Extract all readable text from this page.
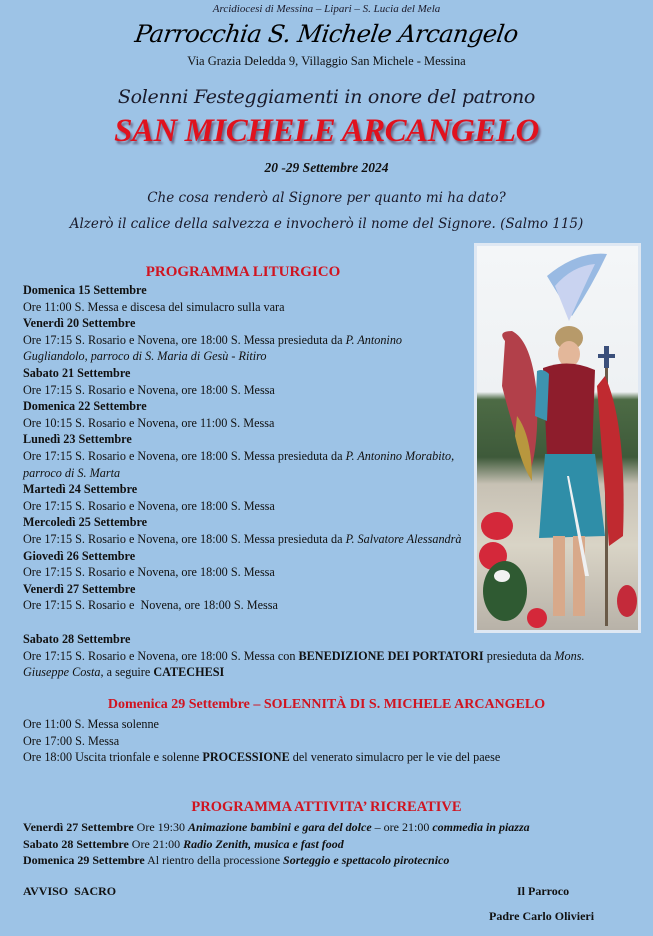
Arcidiocesi di Messina – Lipari – S. Lucia del Mela
Parrocchia S. Michele Arcangelo
Via Grazia Deledda 9, Villaggio San Michele - Messina
Solenni Festeggiamenti in onore del patrono
SAN MICHELE ARCANGELO
20 -29 Settembre 2024
Che cosa renderò al Signore per quanto mi ha dato?
Alzerò il calice della salvezza e invocherò il nome del Signore. (Salmo 115)
PROGRAMMA LITURGICO
Domenica 15 Settembre
Ore 11:00 S. Messa e discesa del simulacro sulla vara
Venerdì 20 Settembre
Ore 17:15 S. Rosario e Novena, ore 18:00 S. Messa presieduta da P. Antonino Gugliandolo, parroco di S. Maria di Gesù - Ritiro
Sabato 21 Settembre
Ore 17:15 S. Rosario e Novena, ore 18:00 S. Messa
Domenica 22 Settembre
Ore 10:15 S. Rosario e Novena, ore 11:00 S. Messa
Lunedì 23 Settembre
Ore 17:15 S. Rosario e Novena, ore 18:00 S. Messa presieduta da P. Antonino Morabito, parroco di S. Marta
Martedì 24 Settembre
Ore 17:15 S. Rosario e Novena, ore 18:00 S. Messa
Mercoledì 25 Settembre
Ore 17:15 S. Rosario e Novena, ore 18:00 S. Messa presieduta da P. Salvatore Alessandrà
Giovedì 26 Settembre
Ore 17:15 S. Rosario e Novena, ore 18:00 S. Messa
Venerdì 27 Settembre
Ore 17:15 S. Rosario e  Novena, ore 18:00 S. Messa
Sabato 28 Settembre
Ore 17:15 S. Rosario e Novena, ore 18:00 S. Messa con BENEDIZIONE DEI PORTATORI presieduta da Mons. Giuseppe Costa, a seguire CATECHESI
Domenica 29 Settembre – SOLENNITÀ DI S. MICHELE ARCANGELO
Ore 11:00 S. Messa solenne
Ore 17:00 S. Messa
Ore 18:00 Uscita trionfale e solenne PROCESSIONE del venerato simulacro per le vie del paese
PROGRAMMA ATTIVITA’ RICREATIVE
Venerdì 27 Settembre Ore 19:30 Animazione bambini e gara del dolce – ore 21:00 commedia in piazza
Sabato 28 Settembre Ore 21:00 Radio Zenith, musica e fast food
Domenica 29 Settembre Al rientro della processione Sorteggio e spettacolo pirotecnico
AVVISO  SACRO	Il Parroco
Padre Carlo Olivieri
